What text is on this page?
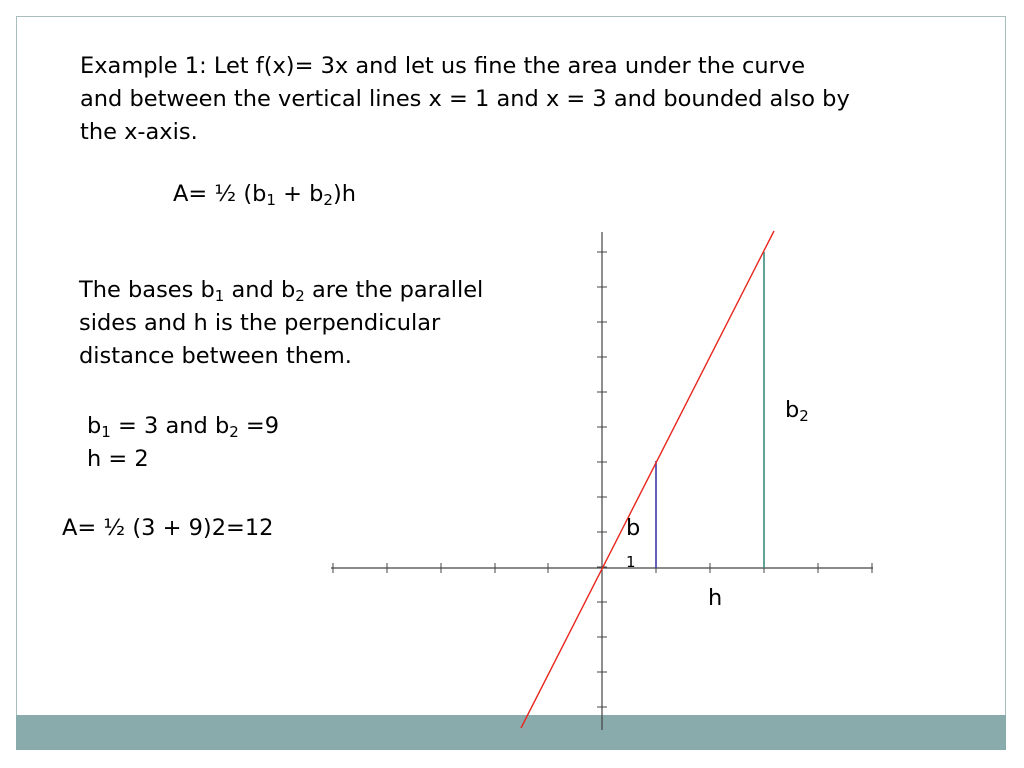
Example 1: Let f(x)= 3x and let us fine the area under the curve
and between the vertical lines x = 1 and x = 3 and bounded also by
the x-axis.
A= ½ $(b_1 + b_2)h$
The bases $b_1$ and $b_2$ are the parallel
sides and h is the perpendicular
distance between them.
$b_1 = 3$ and $b_2 =9$
h = 2
A= ½ (3 + 9)2=12	b
1
$b_2$
h
